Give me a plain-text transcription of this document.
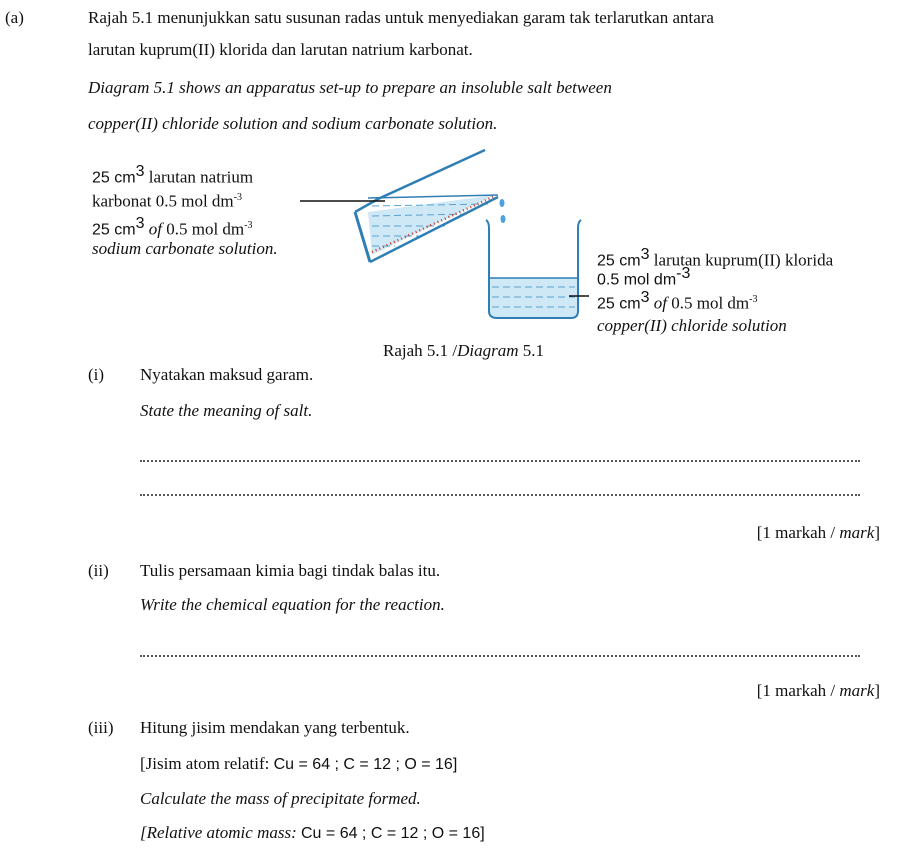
(a)	Rajah 5.1 menunjukkan satu susunan radas untuk menyediakan garam tak terlarutkan antara
larutan kuprum(II) klorida dan larutan natrium karbonat.
Diagram 5.1 shows an apparatus set-up to prepare an insoluble salt between
copper(II) chloride solution and sodium carbonate solution.
25 $cm^3$ larutan natrium
karbonat 0.5 mol $dm^{-3}$
25 $cm^3$ of 0.5 mol $dm^{-3}$
sodium carbonate solution.
25 $cm^3$ larutan kuprum(II) klorida
0.5 mol $dm^{-3}$
25 $cm^3$ of 0.5 mol $dm^{-3}$
copper(II) chloride solution
Rajah 5.1 /Diagram 5.1
(i) Nyatakan maksud garam.
State the meaning of salt.
[1 markah / mark]
(ii) Tulis persamaan kimia bagi tindak balas itu.
Write the chemical equation for the reaction.
[1 markah / mark]
(iii) Hitung jisim mendakan yang terbentuk.
[Jisim atom relatif: Cu = 64 ; C = 12 ; O = 16]
Calculate the mass of precipitate formed.
[Relative atomic mass: Cu = 64 ; C = 12 ; O = 16]
